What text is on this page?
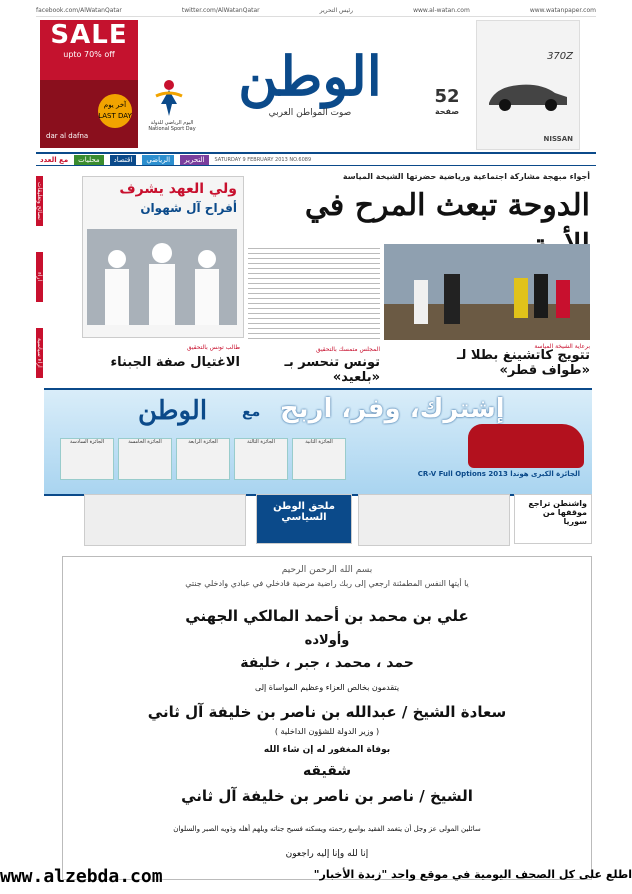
facebook.com/AlWatanQatar	twitter.com/AlWatanQatar	رئيس التحرير	www.al-watan.com	www.watanpaper.com
SALE
upto 70% off
آخر يوم LAST DAY
dar al dafna
اليوم الرياضي للدولة National Sport Day
الوطن
صوت المواطن العربي
52
صفحة
370Z
NISSAN
مع العدد	محليات	اقتصاد	الرياضي	التحرير	SATURDAY 9 FEBRUARY 2013 NO.6089
نصائح وتعليقات
آراء
آراء سياسية
أجواء مبهجة مشاركة اجتماعية ورياضية حضرتها الشيخة المياسة
الدوحة تبعث المرح في
ولي العهد يشرف
أفراح آل شهوان
برعاية الشيخة المياسة
تتويج كاتشينغ بطلا لـ «طواف قطر»
المجلس متمسك بالتحقيق
تونس تنحسر بـ «بلعيد»
طالب تونس بالتحقيق
الاغتيال صفة الجبناء
الوطن مع إشترك، وفر، اربح
الجائزة الكبرى هوندا CR-V Full Options 2013
الجائزة الثانية
الجائزة الثالثة
الجائزة الرابعة
الجائزة الخامسة
الجائزة السادسة
ملحق الوطن السياسي
واشنطن تراجع موقفها من سوريا
بسم الله الرحمن الرحيم
يا أيتها النفس المطمئنة ارجعي إلى ربك راضية مرضية فادخلي في عبادي وادخلي جنتي
علي بن محمد بن أحمد المالكي الجهني
وأولاده
حمد ، محمد ، جبر ، خليفة
يتقدمون بخالص العزاء وعظيم المواساة إلى
سعادة الشيخ / عبدالله بن ناصر بن خليفة آل ثاني
( وزير الدولة للشؤون الداخلية )
بوفاة المغفور له إن شاء الله
شقيقه
الشيخ / ناصر بن ناصر بن خليفة آل ثاني
سائلين المولى عز وجل أن يتغمد الفقيد بواسع رحمته ويسكنه فسيح جناته ويلهم أهله وذويه الصبر والسلوان
إنا لله وإنا إليه راجعون
www.alzebda.com	اطلع على كل الصحف اليومية في موقع واحد "زبدة الأخبار"
